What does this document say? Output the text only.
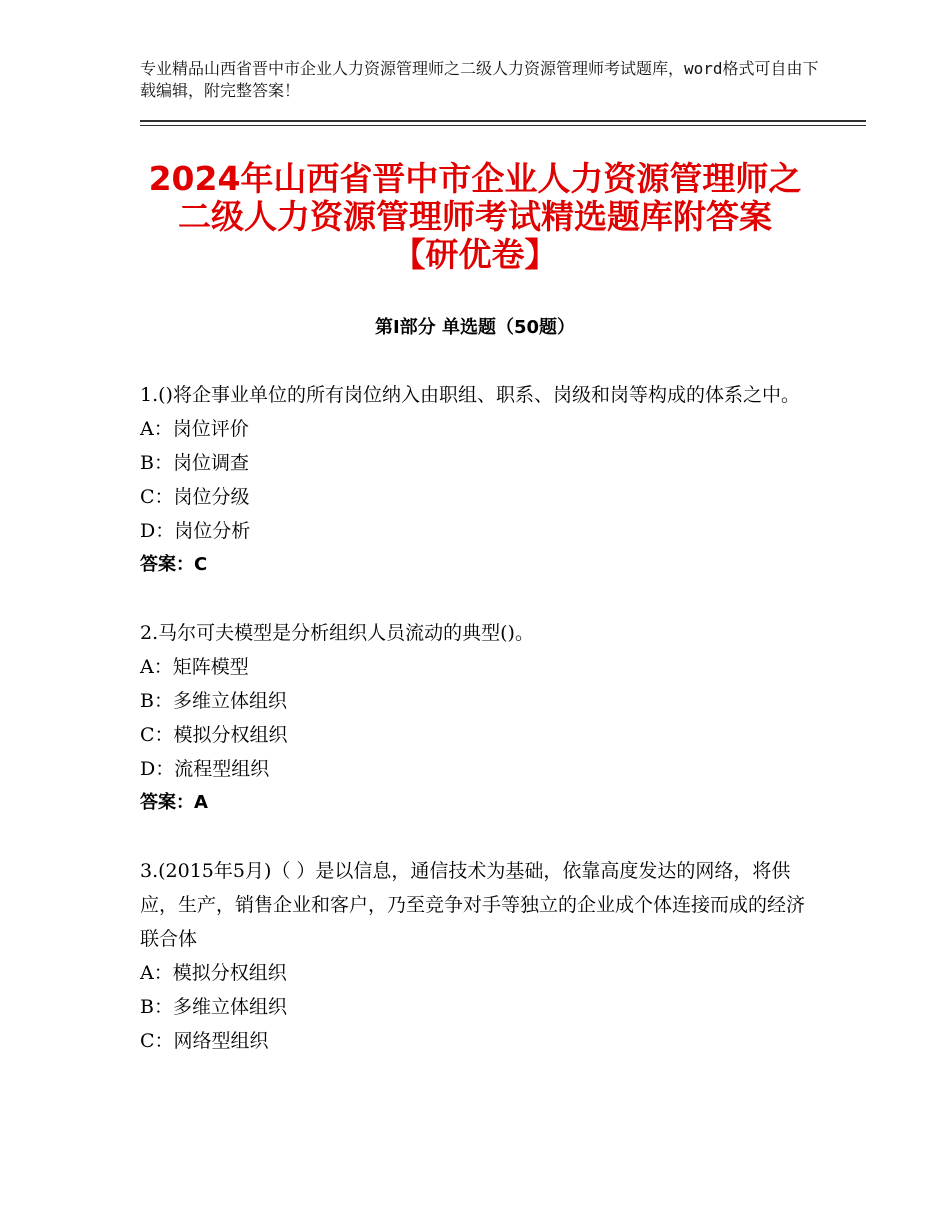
专业精品山西省晋中市企业人力资源管理师之二级人力资源管理师考试题库，word格式可自由下载编辑，附完整答案！
2024年山西省晋中市企业人力资源管理师之
二级人力资源管理师考试精选题库附答案
【研优卷】
第Ⅰ部分 单选题（50题）
1.()将企事业单位的所有岗位纳入由职组、职系、岗级和岗等构成的体系之中。
A：岗位评价
B：岗位调查
C：岗位分级
D：岗位分析
答案：C
2.马尔可夫模型是分析组织人员流动的典型()。
A：矩阵模型
B：多维立体组织
C：模拟分权组织
D：流程型组织
答案：A
3.(2015年5月)（ ）是以信息，通信技术为基础，依靠高度发达的网络，将供应，生产，销售企业和客户，乃至竞争对手等独立的企业成个体连接而成的经济联合体
A：模拟分权组织
B：多维立体组织
C：网络型组织
